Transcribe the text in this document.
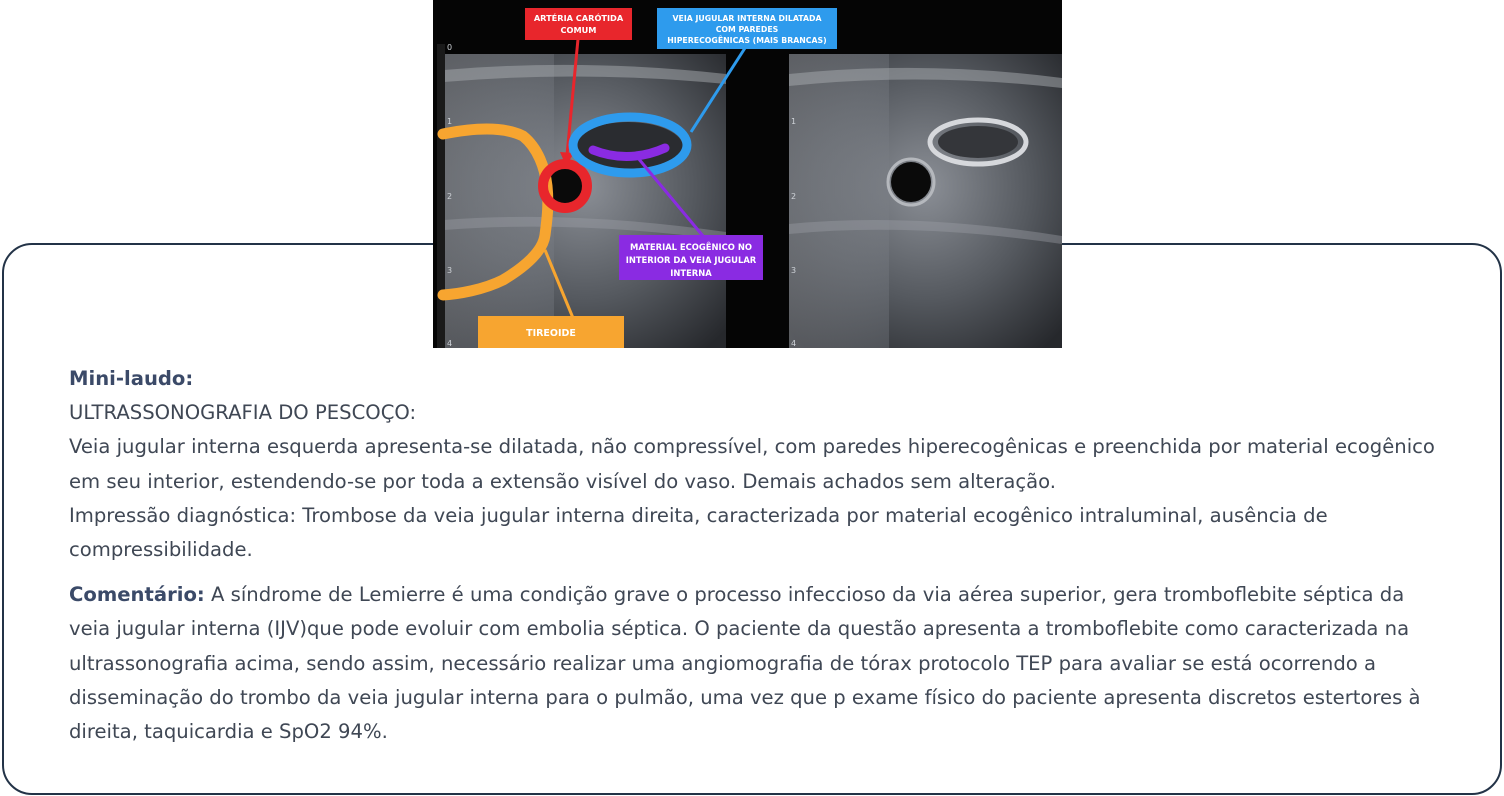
0
1
2
3
4
1
2
3
4
ARTÉRIA CARÓTIDA
COMUM
VEIA JUGULAR INTERNA DILATADA
COM PAREDES
HIPERECOGÊNICAS (MAIS BRANCAS)
MATERIAL ECOGÊNICO NO
INTERIOR DA VEIA JUGULAR
INTERNA
TIREOIDE

Mini-laudo:
ULTRASSONOGRAFIA DO PESCOÇO:
Veia jugular interna esquerda apresenta-se dilatada, não compressível, com paredes hiperecogênicas e preenchida por material ecogênico em seu interior, estendendo-se por toda a extensão visível do vaso. Demais achados sem alteração.
Impressão diagnóstica: Trombose da veia jugular interna direita, caracterizada por material ecogênico intraluminal, ausência de compressibilidade.

Comentário: A síndrome de Lemierre é uma condição grave o processo infeccioso da via aérea superior, gera tromboflebite séptica da veia jugular interna (IJV)que pode evoluir com embolia séptica. O paciente da questão apresenta a tromboflebite como caracterizada na ultrassonografia acima, sendo assim, necessário realizar uma angiomografia de tórax protocolo TEP para avaliar se está ocorrendo a disseminação do trombo da veia jugular interna para o pulmão, uma vez que p exame físico do paciente apresenta discretos estertores à direita, taquicardia e SpO2 94%.
